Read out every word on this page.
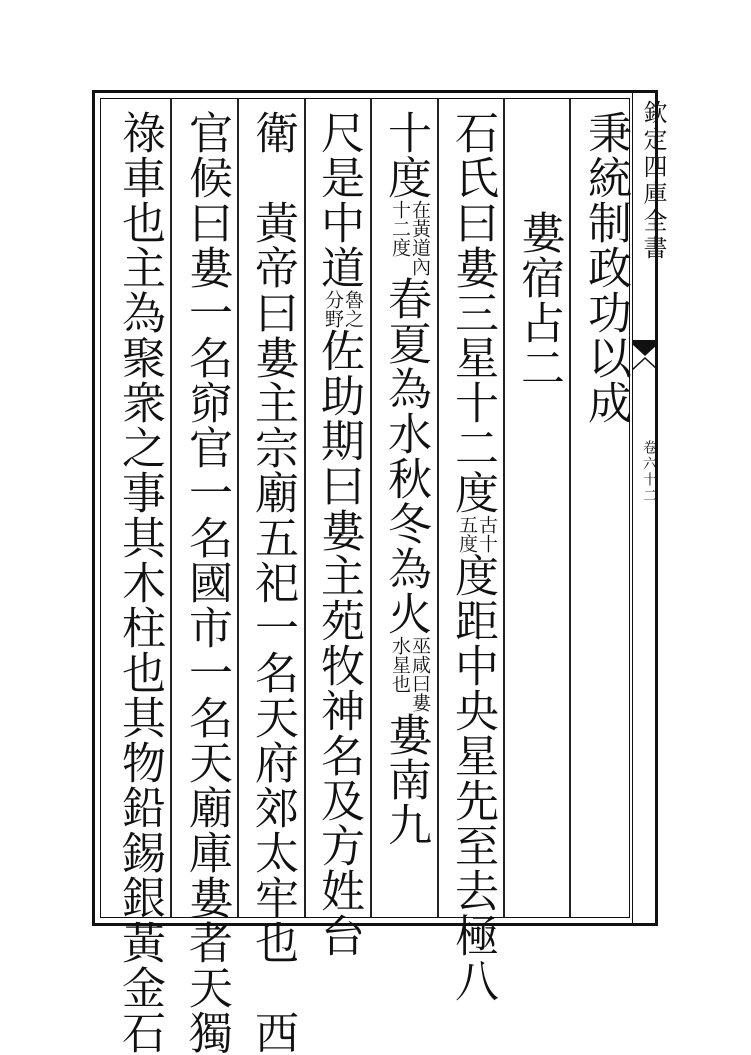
欽定四庫全書
卷六十二
秉統制政功以成
婁宿占二
石氏曰婁三星十二度
古十
五度
度距中央星先至去極八
十度
在黃道內
十二度
春夏為水秋冬為火
巫咸曰婁
水星也
婁南九
尺是中道
魯之
分野
佐助期曰婁主苑牧神名及方姓台
衛　黃帝曰婁主宗廟五祀一名天府郊太牢也　西
官候曰婁一名窌官一名國市一名天廟庫婁者天獨
祿車也主為聚衆之事其木柱也其物鉛錫銀黃金石
